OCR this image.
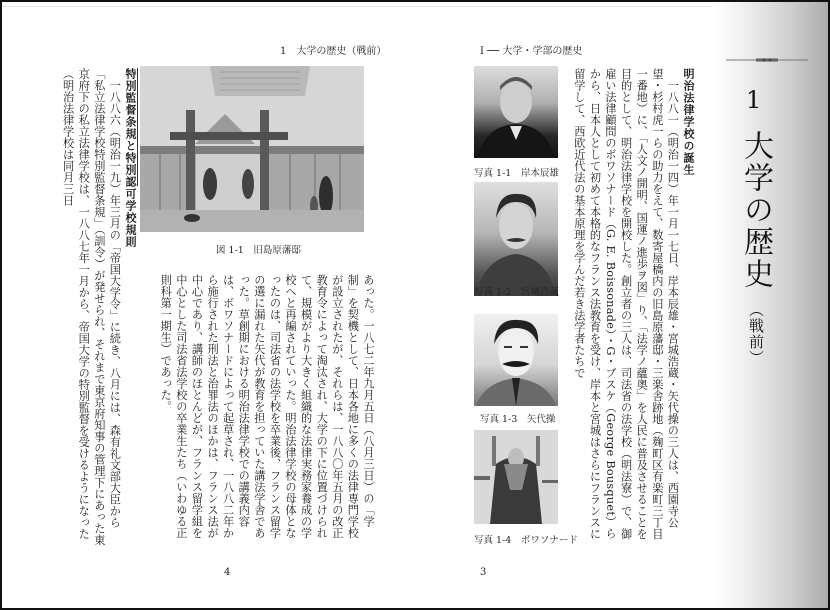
1　大学の歴史（戦前）
特別監督条規と特別認可学校規則
　一八八六（明治一九）年三月の「帝国大学令」に続き、八月には、森有礼文部大臣から「私立法律学校特別監督条規」（訓令）が発せられ、それまで東京府知事の管理下にあった東京府下の私立法律学校は、一八八七年一月から、帝国大学の特別監督を受けるようになった（明治法律学校は同月三日
図 1-1　旧島原藩邸
あった。一八七二年九月五日（八月三日）の「学制」を契機として、日本各地に多くの法律専門学校が設立されたが、それらは、一八八〇年五月の改正教育令によって淘汰され、大学の下に位置づけられて、規模がより大きく組織的な法律実務家養成の学校へと再編されていった。明治法律学校の母体となったのは、司法省の法学校を卒業後、フランス留学の選に漏れた矢代が教育を担っていた講法学舎であった。草創期における明治法律学校での講義内容は、ボワソナードによって起草され、一八八二年から施行された刑法と治罪法のほかは、フランス法が中心であり、講師のほとんどが、フランス留学組を中心とした司法省法学校の卒業生たち（いわゆる正則科第一期生）であった。
4
I ── 大学・学部の歴史
写真 1-1　岸本辰雄
写真 1-2　宮城浩蔵
写真 1-3　矢代操
写真 1-4　ボワソナード
明治法律学校の誕生
　一八八一（明治一四）年一月一七日、岸本辰雄・宮城浩蔵・矢代操の三人は、西園寺公望・杉村虎一らの助力をえて、数寄屋橋内の旧島原藩邸・三楽舎跡地（麹町区有楽町三丁目一番地）に、「人文ノ開明、国運ノ進歩ヲ図」り、「法学ノ蘊奥」を人民に普及させることを目的として、明治法律学校を開校した。創立者の三人は、司法省の法学校（明法寮）で、御雇い法律顧問のボワソナード（G. E. Boissonade）・G・ブスケ（George Bousquet）らから、日本人として初めて本格的なフランス法教育を受け、岸本と宮城はさらにフランスに留学して、西欧近代法の基本原理を学んだ若き法学者たちで
3
1
大学の歴史
（戦前）
